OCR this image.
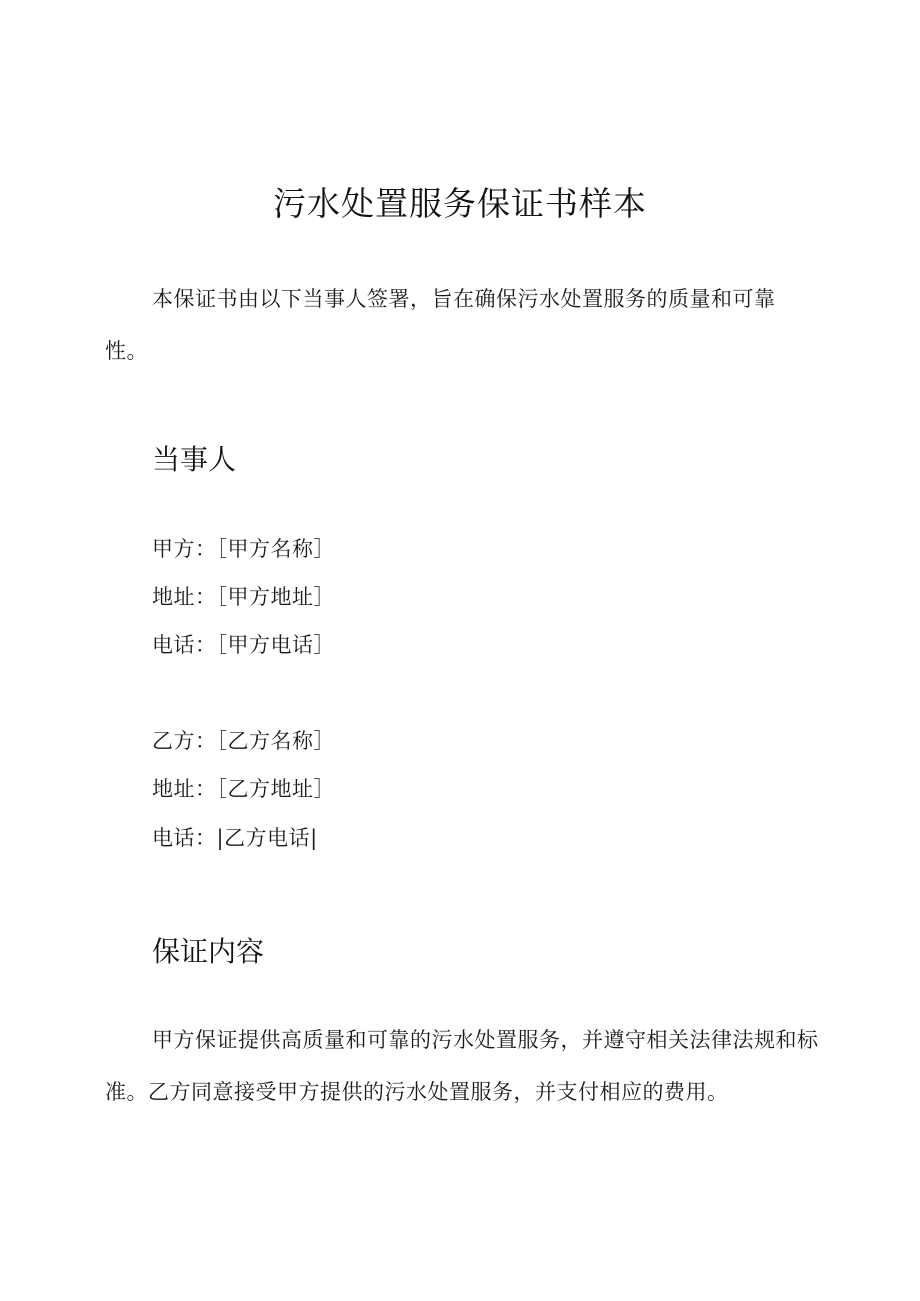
污水处置服务保证书样本

本保证书由以下当事人签署，旨在确保污水处置服务的质量和可靠性。

当事人
甲方：［甲方名称］
地址：［甲方地址］
电话：［甲方电话］
乙方：［乙方名称］
地址：［乙方地址］
电话：|乙方电话|
保证内容

甲方保证提供高质量和可靠的污水处置服务，并遵守相关法律法规和标准。乙方同意接受甲方提供的污水处置服务，并支付相应的费用。
